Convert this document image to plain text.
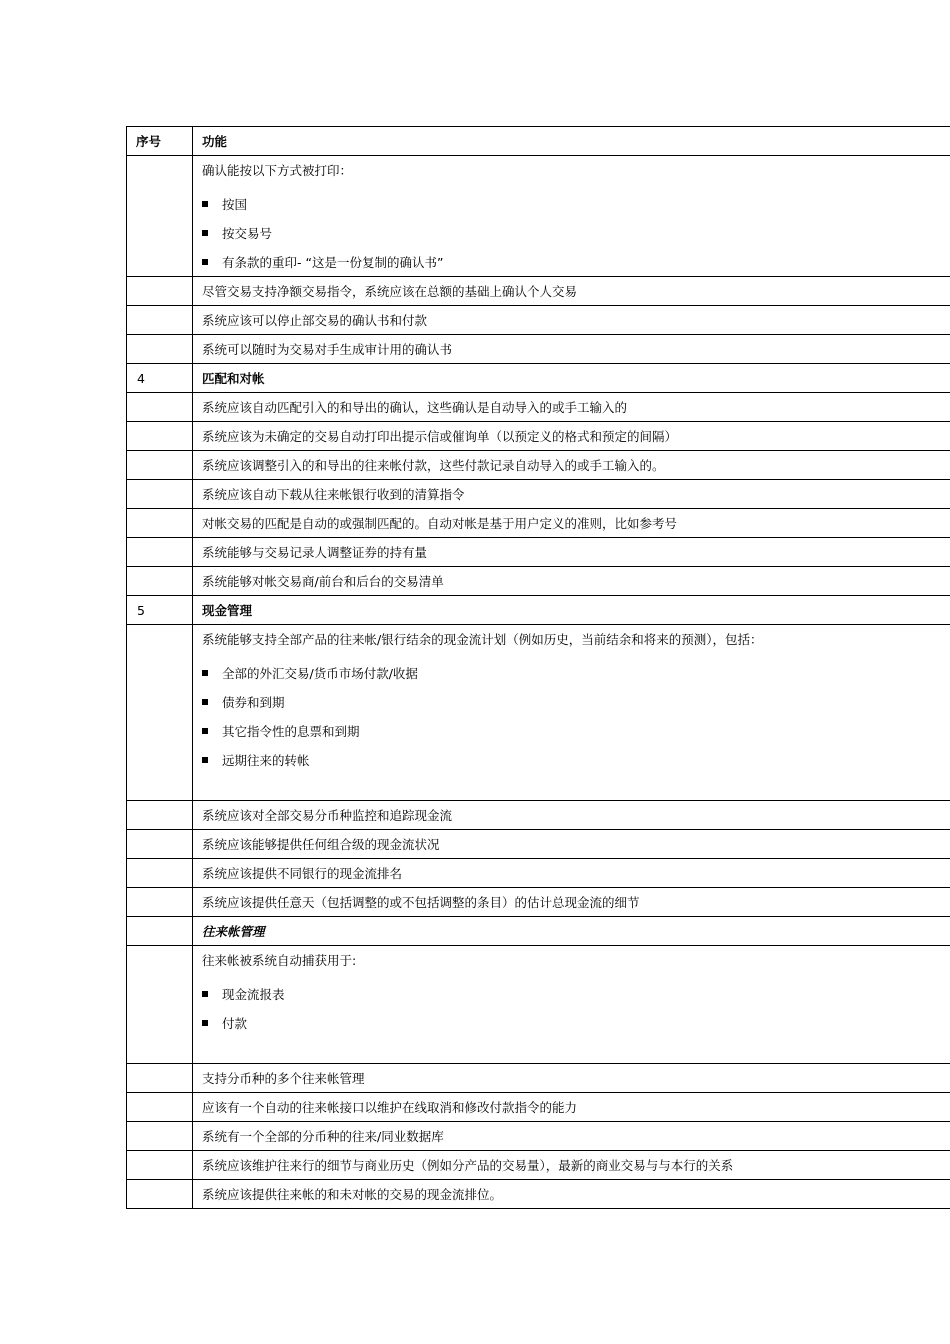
序号	功能

	确认能按以下方式被打印：
按国
按交易号
有条款的重印- “这是一份复制的确认书”

	尽管交易支持净额交易指令，系统应该在总额的基础上确认个人交易
	系统应该可以停止部交易的确认书和付款
	系统可以随时为交易对手生成审计用的确认书
4	匹配和对帐
	系统应该自动匹配引入的和导出的确认，这些确认是自动导入的或手工输入的
	系统应该为未确定的交易自动打印出提示信或催询单（以预定义的格式和预定的间隔）
	系统应该调整引入的和导出的往来帐付款，这些付款记录自动导入的或手工输入的。
	系统应该自动下载从往来帐银行收到的清算指令
	对帐交易的匹配是自动的或强制匹配的。自动对帐是基于用户定义的准则，比如参考号
	系统能够与交易记录人调整证券的持有量
	系统能够对帐交易商/前台和后台的交易清单
5	现金管理

	系统能够支持全部产品的往来帐/银行结余的现金流计划（例如历史，当前结余和将来的预测），包括：
全部的外汇交易/货币市场付款/收据
债券和到期
其它指令性的息票和到期
远期往来的转帐

	系统应该对全部交易分币种监控和追踪现金流
	系统应该能够提供任何组合级的现金流状况
	系统应该提供不同银行的现金流排名
	系统应该提供任意天（包括调整的或不包括调整的条目）的估计总现金流的细节
	往来帐管理

	往来帐被系统自动捕获用于:
现金流报表
付款

	支持分币种的多个往来帐管理
	应该有一个自动的往来帐接口以维护在线取消和修改付款指令的能力
	系统有一个全部的分币种的往来/同业数据库
	系统应该维护往来行的细节与商业历史（例如分产品的交易量），最新的商业交易与与本行的关系
	系统应该提供往来帐的和未对帐的交易的现金流排位。
